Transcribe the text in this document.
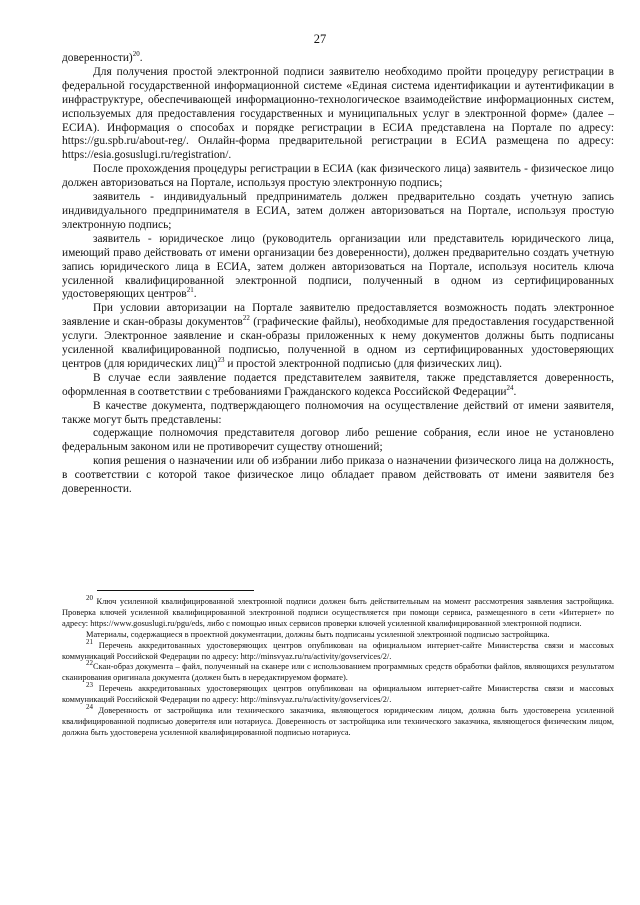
27

доверенности)$^{20}$.

Для получения простой электронной подписи заявителю необходимо пройти процедуру регистрации в федеральной государственной информационной системе «Единая система идентификации и аутентификации в инфраструктуре, обеспечивающей информационно-технологическое взаимодействие информационных систем, используемых для предоставления государственных и муниципальных услуг в электронной форме» (далее – ЕСИА). Информация о способах и порядке регистрации в ЕСИА представлена на Портале по адресу: https://gu.spb.ru/about-reg/. Онлайн-форма предварительной регистрации в ЕСИА размещена по адресу: https://esia.gosuslugi.ru/registration/.

После прохождения процедуры регистрации в ЕСИА (как физического лица) заявитель - физическое лицо должен авторизоваться на Портале, используя простую электронную подпись;

заявитель - индивидуальный предприниматель должен предварительно создать учетную запись индивидуального предпринимателя в ЕСИА, затем должен авторизоваться на Портале, используя простую электронную подпись;

заявитель - юридическое лицо (руководитель организации или представитель юридического лица, имеющий право действовать от имени организации без доверенности), должен предварительно создать учетную запись юридического лица в ЕСИА, затем должен авторизоваться на Портале, используя носитель ключа усиленной квалифицированной электронной подписи, полученный в одном из сертифицированных удостоверяющих центров$^{21}$.

При условии авторизации на Портале заявителю предоставляется возможность подать электронное заявление и скан-образы документов$^{22}$ (графические файлы), необходимые для предоставления государственной услуги. Электронное заявление и скан-образы приложенных к нему документов должны быть подписаны усиленной квалифицированной подписью, полученной в одном из сертифицированных удостоверяющих центров (для юридических лиц)$^{23}$ и простой электронной подписью (для физических лиц).

В случае если заявление подается представителем заявителя, также представляется доверенность, оформленная в соответствии с требованиями Гражданского кодекса Российской Федерации$^{24}$.

В качестве документа, подтверждающего полномочия на осуществление действий от имени заявителя, также могут быть представлены:

содержащие полномочия представителя договор либо решение собрания, если иное не установлено федеральным законом или не противоречит существу отношений;

копия решения о назначении или об избрании либо приказа о назначении физического лица на должность, в соответствии с которой такое физическое лицо обладает правом действовать от имени заявителя без доверенности.

$^{20}$ Ключ усиленной квалифицированной электронной подписи должен быть действительным на момент рассмотрения заявления застройщика. Проверка ключей усиленной квалифицированной электронной подписи осуществляется при помощи сервиса, размещенного в сети «Интернет» по адресу: https://www.gosuslugi.ru/pgu/eds, либо с помощью иных сервисов проверки ключей усиленной квалифицированной электронной подписи.

Материалы, содержащиеся в проектной документации, должны быть подписаны усиленной электронной подписью застройщика.

$^{21}$ Перечень аккредитованных удостоверяющих центров опубликован на официальном интернет-сайте Министерства связи и массовых коммуникаций Российской Федерации по адресу: http://minsvyaz.ru/ru/activity/govservices/2/.

$^{22}$Скан-образ документа – файл, полученный на сканере или с использованием программных средств обработки файлов, являющихся результатом сканирования оригинала документа (должен быть в нередактируемом формате).

$^{23}$ Перечень аккредитованных удостоверяющих центров опубликован на официальном интернет-сайте Министерства связи и массовых коммуникаций Российской Федерации по адресу: http://minsvyaz.ru/ru/activity/govservices/2/.

$^{24}$ Доверенность от застройщика или технического заказчика, являющегося юридическим лицом, должна быть удостоверена усиленной квалифицированной подписью доверителя или нотариуса. Доверенность от застройщика или технического заказчика, являющегося физическим лицом, должна быть удостоверена усиленной квалифицированной подписью нотариуса.
